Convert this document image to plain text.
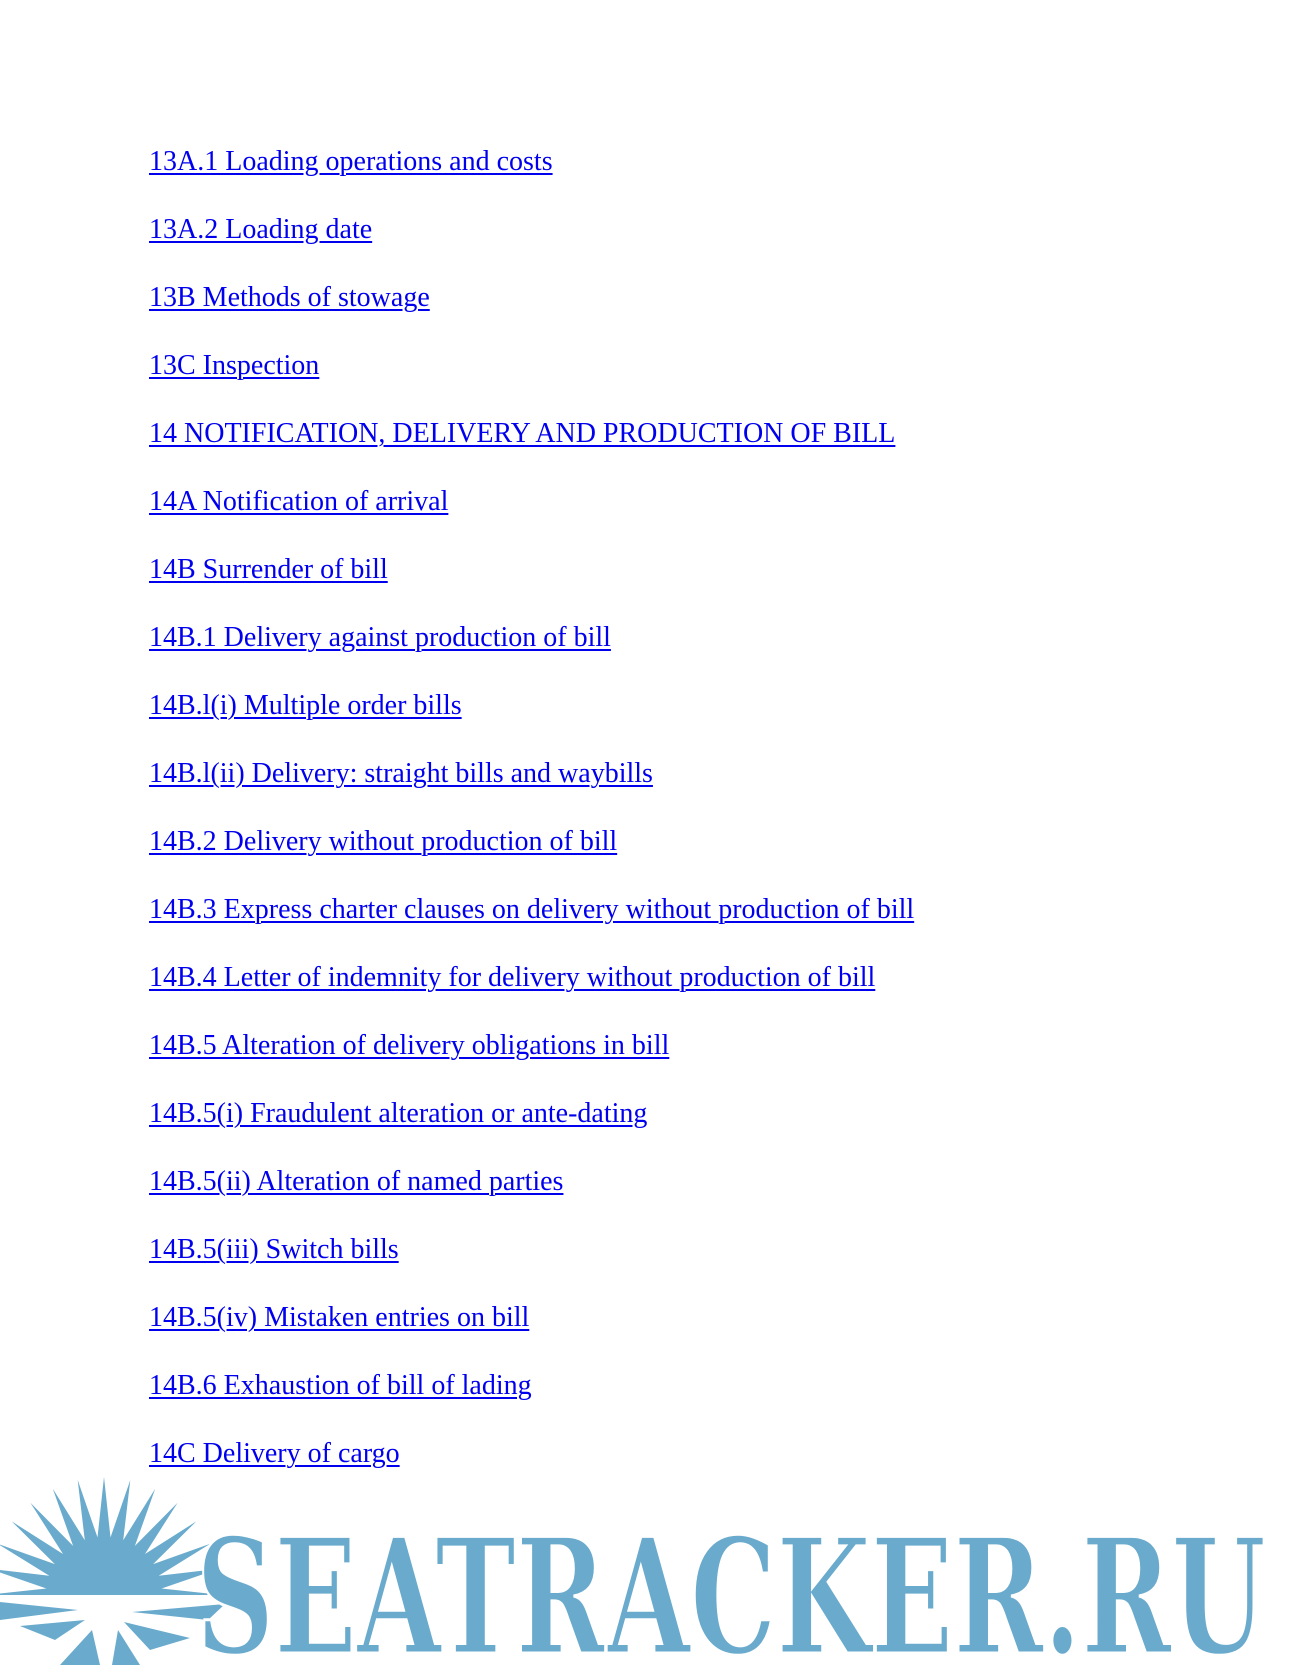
13A.1 Loading operations and costs
13A.2 Loading date
13B Methods of stowage
13C Inspection
14 NOTIFICATION, DELIVERY AND PRODUCTION OF BILL
14A Notification of arrival
14B Surrender of bill
14B.1 Delivery against production of bill
14B.l(i) Multiple order bills
14B.l(ii) Delivery: straight bills and waybills
14B.2 Delivery without production of bill
14B.3 Express charter clauses on delivery without production of bill
14B.4 Letter of indemnity for delivery without production of bill
14B.5 Alteration of delivery obligations in bill
14B.5(i) Fraudulent alteration or ante-dating
14B.5(ii) Alteration of named parties
14B.5(iii) Switch bills
14B.5(iv) Mistaken entries on bill
14B.6 Exhaustion of bill of lading
14C Delivery of cargo
SEATRACKER.RU
